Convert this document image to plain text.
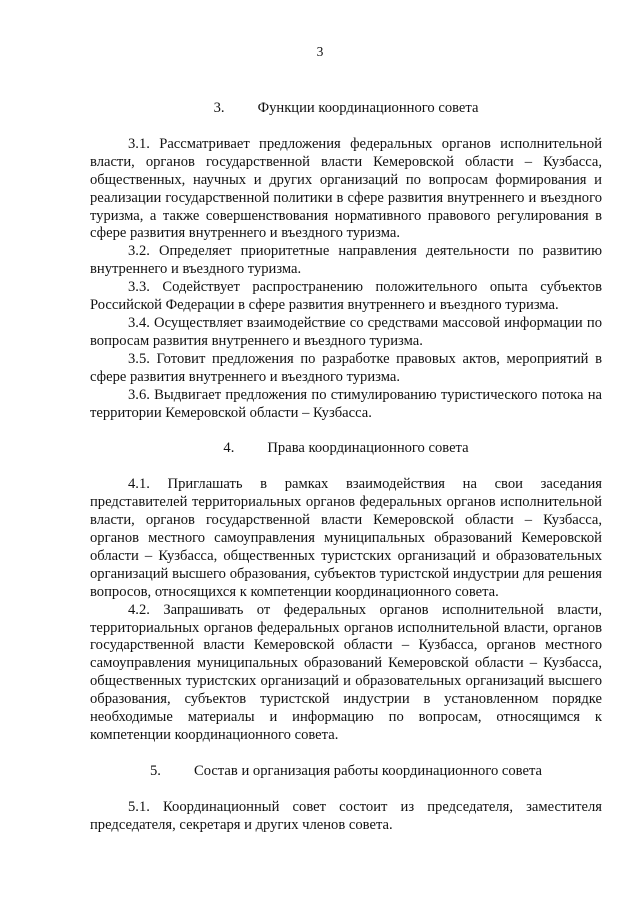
3

3. Функции координационного совета

3.1. Рассматривает предложения федеральных органов исполнительной власти, органов государственной власти Кемеровской области – Кузбасса, общественных, научных и других организаций по вопросам формирования и реализации государственной политики в сфере развития внутреннего и въездного туризма, а также совершенствования нормативного правового регулирования в сфере развития внутреннего и въездного туризма.

3.2. Определяет приоритетные направления деятельности по развитию внутреннего и въездного туризма.

3.3. Содействует распространению положительного опыта субъектов Российской Федерации в сфере развития внутреннего и въездного туризма.

3.4. Осуществляет взаимодействие со средствами массовой информации по вопросам развития внутреннего и въездного туризма.

3.5. Готовит предложения по разработке правовых актов, мероприятий в сфере развития внутреннего и въездного туризма.

3.6. Выдвигает предложения по стимулированию туристического потока на территории Кемеровской области – Кузбасса.

4. Права координационного совета

4.1. Приглашать в рамках взаимодействия на свои заседания представителей территориальных органов федеральных органов исполнительной власти, органов государственной власти Кемеровской области – Кузбасса, органов местного самоуправления муниципальных образований Кемеровской области – Кузбасса, общественных туристских организаций и образовательных организаций высшего образования, субъектов туристской индустрии для решения вопросов, относящихся к компетенции координационного совета.

4.2. Запрашивать от федеральных органов исполнительной власти, территориальных органов федеральных органов исполнительной власти, органов государственной власти Кемеровской области – Кузбасса, органов местного самоуправления муниципальных образований Кемеровской области – Кузбасса, общественных туристских организаций и образовательных организаций высшего образования, субъектов туристской индустрии в установленном порядке необходимые материалы и информацию по вопросам, относящимся к компетенции координационного совета.

5. Состав и организация работы координационного совета

5.1. Координационный совет состоит из председателя, заместителя председателя, секретаря и других членов совета.
